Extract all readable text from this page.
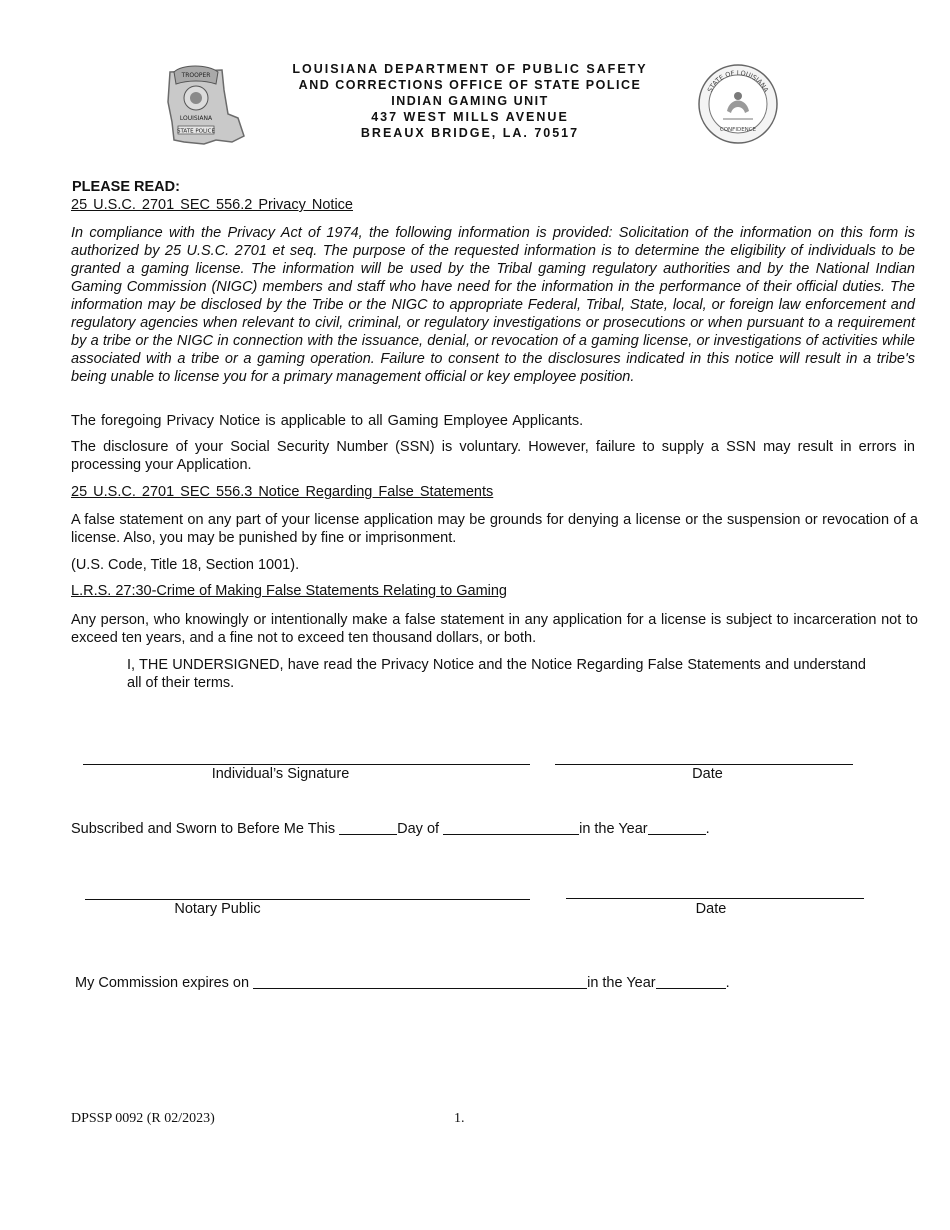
TROOPER
LOUISIANA
STATE POLICE
LOUISIANA DEPARTMENT OF PUBLIC SAFETY
AND CORRECTIONS OFFICE OF STATE POLICE
INDIAN GAMING UNIT
437 WEST MILLS AVENUE
BREAUX BRIDGE, LA. 70517
STATE OF LOUISIANA
CONFIDENCE
PLEASE READ:
25 U.S.C. 2701 SEC 556.2 Privacy Notice
In compliance with the Privacy Act of 1974, the following information is provided: Solicitation of the information on this form is authorized by 25 U.S.C. 2701 et seq. The purpose of the requested information is to determine the eligibility of individuals to be granted a gaming license. The information will be used by the Tribal gaming regulatory authorities and by the National Indian Gaming Commission (NIGC) members and staff who have need for the information in the performance of their official duties. The information may be disclosed by the Tribe or the NIGC to appropriate Federal, Tribal, State, local, or foreign law enforcement and regulatory agencies when relevant to civil, criminal, or regulatory investigations or prosecutions or when pursuant to a requirement by a tribe or the NIGC in connection with the issuance, denial, or revocation of a gaming license, or investigations of activities while associated with a tribe or a gaming operation. Failure to consent to the disclosures indicated in this notice will result in a tribe's being unable to license you for a primary management official or key employee position.
The foregoing Privacy Notice is applicable to all Gaming Employee Applicants.
The disclosure of your Social Security Number (SSN) is voluntary. However, failure to supply a SSN may result in errors in processing your Application.
25 U.S.C. 2701 SEC 556.3 Notice Regarding False Statements
A false statement on any part of your license application may be grounds for denying a license or the suspension or revocation of a license. Also, you may be punished by fine or imprisonment.
(U.S. Code, Title 18, Section 1001).
L.R.S. 27:30-Crime of Making False Statements Relating to Gaming
Any person, who knowingly or intentionally make a false statement in any application for a license is subject to incarceration not to exceed ten years, and a fine not to exceed ten thousand dollars, or both.
I, THE UNDERSIGNED, have read the Privacy Notice and the Notice Regarding False Statements and understand all of their terms.
Individual’s Signature	Date
Subscribed and Sworn to Before Me This	Day of	in the Year	.
Notary Public	Date
My Commission expires on	in the Year	.
DPSSP 0092 (R 02/2023)	1.
